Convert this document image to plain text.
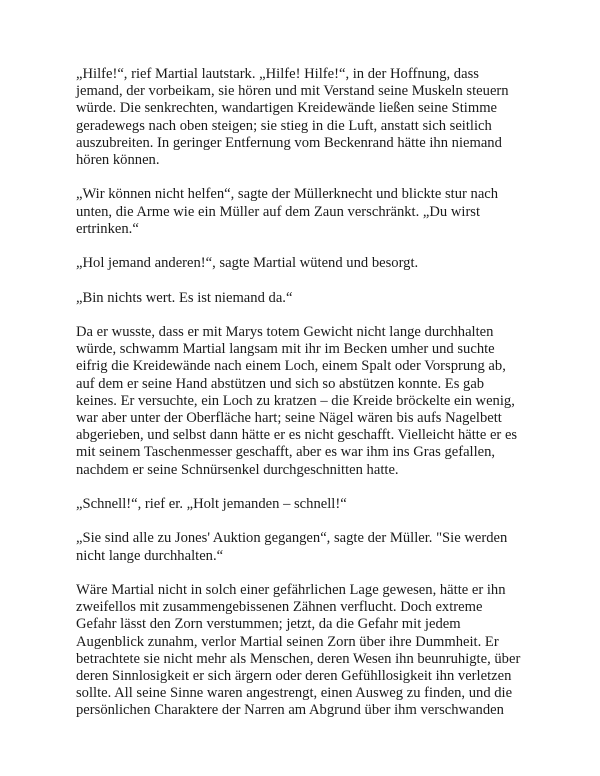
„Hilfe!“, rief Martial lautstark. „Hilfe! Hilfe!“, in der Hoffnung, dass jemand, der vorbeikam, sie hören und mit Verstand seine Muskeln steuern würde. Die senkrechten, wandartigen Kreidewände ließen seine Stimme geradewegs nach oben steigen; sie stieg in die Luft, anstatt sich seitlich auszubreiten. In geringer Entfernung vom Beckenrand hätte ihn niemand hören können.

„Wir können nicht helfen“, sagte der Müllerknecht und blickte stur nach unten, die Arme wie ein Müller auf dem Zaun verschränkt. „Du wirst ertrinken.“

„Hol jemand anderen!“, sagte Martial wütend und besorgt.

„Bin nichts wert. Es ist niemand da.“

Da er wusste, dass er mit Marys totem Gewicht nicht lange durchhalten würde, schwamm Martial langsam mit ihr im Becken umher und suchte eifrig die Kreidewände nach einem Loch, einem Spalt oder Vorsprung ab, auf dem er seine Hand abstützen und sich so abstützen konnte. Es gab keines. Er versuchte, ein Loch zu kratzen – die Kreide bröckelte ein wenig, war aber unter der Oberfläche hart; seine Nägel wären bis aufs Nagelbett abgerieben, und selbst dann hätte er es nicht geschafft. Vielleicht hätte er es mit seinem Taschenmesser geschafft, aber es war ihm ins Gras gefallen, nachdem er seine Schnürsenkel durchgeschnitten hatte.

„Schnell!“, rief er. „Holt jemanden – schnell!“

„Sie sind alle zu Jones' Auktion gegangen“, sagte der Müller. "Sie werden nicht lange durchhalten.“

Wäre Martial nicht in solch einer gefährlichen Lage gewesen, hätte er ihn zweifellos mit zusammengebissenen Zähnen verflucht. Doch extreme Gefahr lässt den Zorn verstummen; jetzt, da die Gefahr mit jedem Augenblick zunahm, verlor Martial seinen Zorn über ihre Dummheit. Er betrachtete sie nicht mehr als Menschen, deren Wesen ihn beunruhigte, über deren Sinnlosigkeit er sich ärgern oder deren Gefühllosigkeit ihn verletzen sollte. All seine Sinne waren angestrengt, einen Ausweg zu finden, und die persönlichen Charaktere der Narren am Abgrund über ihm verschwanden
